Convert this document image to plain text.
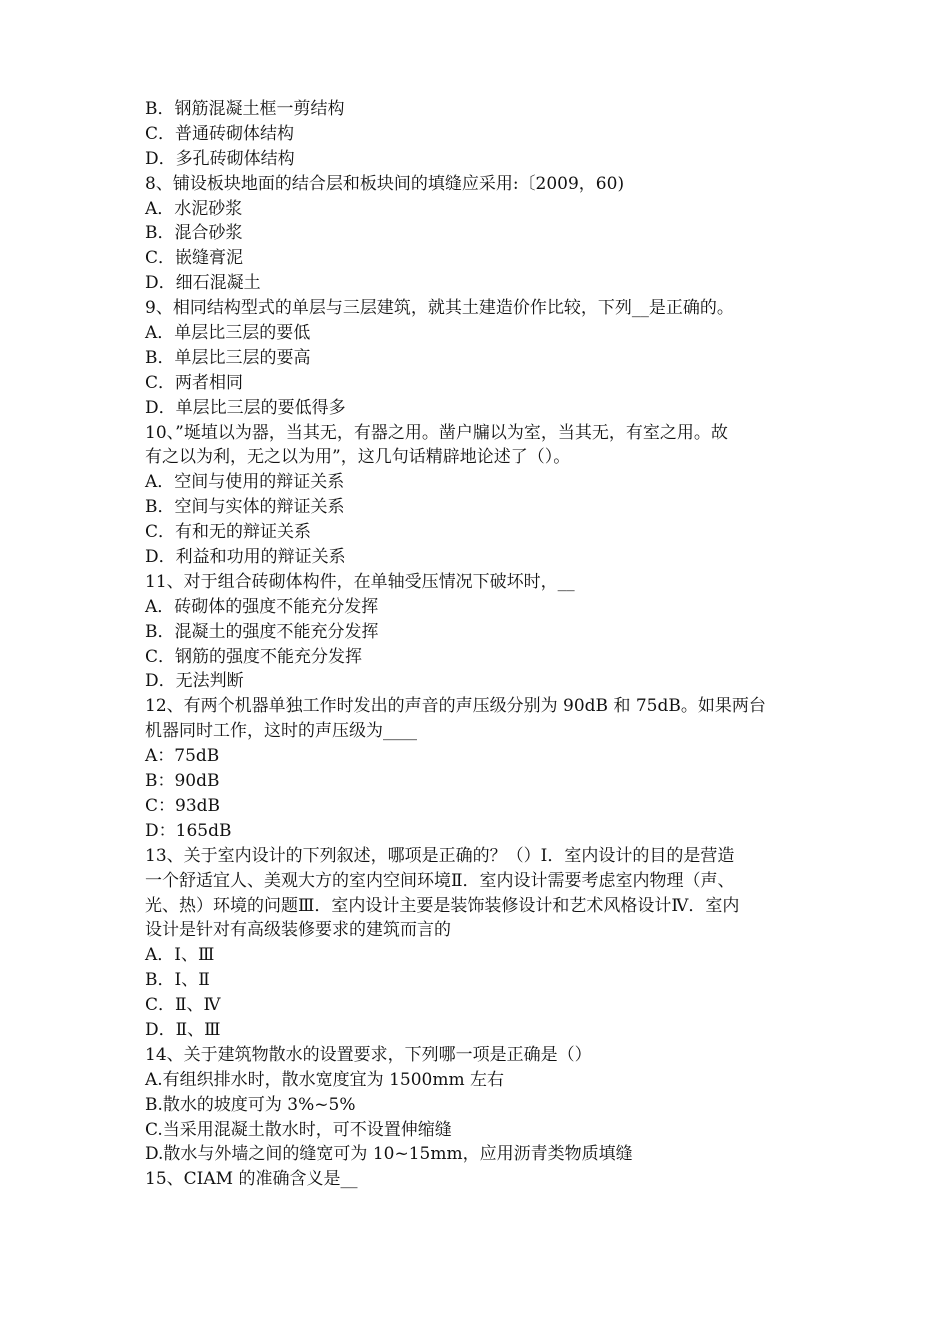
B．钢筋混凝土框一剪结构
C．普通砖砌体结构
D．多孔砖砌体结构
8、铺设板块地面的结合层和板块间的填缝应采用:〔2009，60)
A．水泥砂浆
B．混合砂浆
C．嵌缝膏泥
D．细石混凝土
9、相同结构型式的单层与三层建筑，就其土建造价作比较，下列__是正确的。
A．单层比三层的要低
B．单层比三层的要高
C．两者相同
D．单层比三层的要低得多
10、”埏埴以为器，当其无，有器之用。凿户牖以为室，当其无，有室之用。故
有之以为利，无之以为用”，这几句话精辟地论述了（）。
A．空间与使用的辩证关系
B．空间与实体的辩证关系
C．有和无的辩证关系
D．利益和功用的辩证关系
11、对于组合砖砌体构件，在单轴受压情况下破坏时，__
A．砖砌体的强度不能充分发挥
B．混凝土的强度不能充分发挥
C．钢筋的强度不能充分发挥
D．无法判断
12、有两个机器单独工作时发出的声音的声压级分别为 90dB 和 75dB。如果两台
机器同时工作，这时的声压级为____
A：75dB
B：90dB
C：93dB
D：165dB
13、关于室内设计的下列叙述，哪项是正确的？（）Ⅰ．室内设计的目的是营造
一个舒适宜人、美观大方的室内空间环境Ⅱ．室内设计需要考虑室内物理（声、
光、热）环境的问题Ⅲ．室内设计主要是装饰装修设计和艺术风格设计Ⅳ．室内
设计是针对有高级装修要求的建筑而言的
A．Ⅰ、Ⅲ
B．Ⅰ、Ⅱ
C．Ⅱ、Ⅳ
D．Ⅱ、Ⅲ
14、关于建筑物散水的设置要求，下列哪一项是正确是（）
A.有组织排水时，散水宽度宜为 1500mm 左右
B.散水的坡度可为 3%~5%
C.当采用混凝土散水时，可不设置伸缩缝
D.散水与外墙之间的缝宽可为 10~15mm，应用沥青类物质填缝
15、CIAM 的准确含义是__
